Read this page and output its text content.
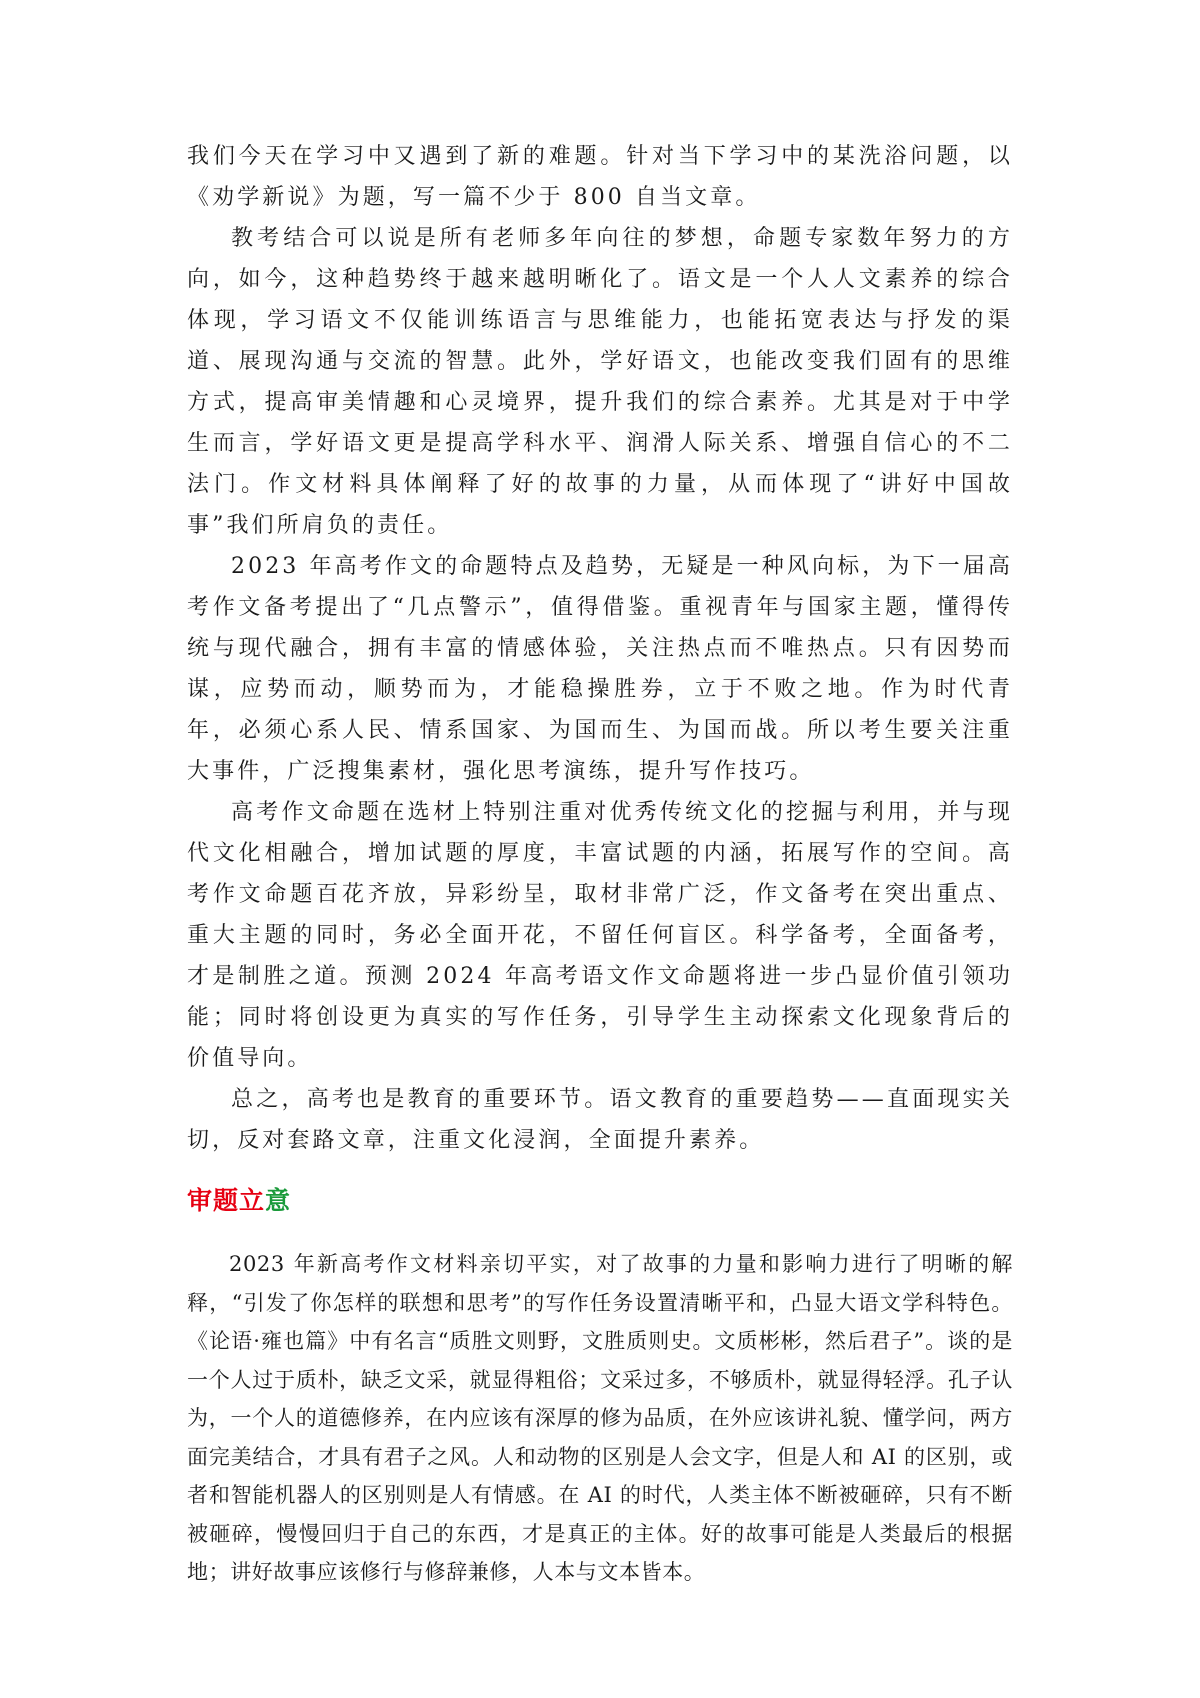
我们今天在学习中又遇到了新的难题。针对当下学习中的某洗浴问题，以《劝学新说》为题，写一篇不少于 800 自当文章。

教考结合可以说是所有老师多年向往的梦想，命题专家数年努力的方向，如今，这种趋势终于越来越明晰化了。语文是一个人人文素养的综合体现，学习语文不仅能训练语言与思维能力，也能拓宽表达与抒发的渠道、展现沟通与交流的智慧。此外，学好语文，也能改变我们固有的思维方式，提高审美情趣和心灵境界，提升我们的综合素养。尤其是对于中学生而言，学好语文更是提高学科水平、润滑人际关系、增强自信心的不二法门。作文材料具体阐释了好的故事的力量，从而体现了“讲好中国故事”我们所肩负的责任。

2023 年高考作文的命题特点及趋势，无疑是一种风向标，为下一届高考作文备考提出了“几点警示”，值得借鉴。重视青年与国家主题，懂得传统与现代融合，拥有丰富的情感体验，关注热点而不唯热点。只有因势而谋，应势而动，顺势而为，才能稳操胜券，立于不败之地。作为时代青年，必须心系人民、情系国家、为国而生、为国而战。所以考生要关注重大事件，广泛搜集素材，强化思考演练，提升写作技巧。

高考作文命题在选材上特别注重对优秀传统文化的挖掘与利用，并与现代文化相融合，增加试题的厚度，丰富试题的内涵，拓展写作的空间。高考作文命题百花齐放，异彩纷呈，取材非常广泛，作文备考在突出重点、重大主题的同时，务必全面开花，不留任何盲区。科学备考，全面备考，才是制胜之道。预测 2024 年高考语文作文命题将进一步凸显价值引领功能；同时将创设更为真实的写作任务，引导学生主动探索文化现象背后的价值导向。

总之，高考也是教育的重要环节。语文教育的重要趋势——直面现实关切，反对套路文章，注重文化浸润，全面提升素养。

审题立意

2023 年新高考作文材料亲切平实，对了故事的力量和影响力进行了明晰的解释，“引发了你怎样的联想和思考”的写作任务设置清晰平和，凸显大语文学科特色。《论语·雍也篇》中有名言“质胜文则野，文胜质则史。文质彬彬，然后君子”。谈的是一个人过于质朴，缺乏文采，就显得粗俗；文采过多，不够质朴，就显得轻浮。孔子认为，一个人的道德修养，在内应该有深厚的修为品质，在外应该讲礼貌、懂学问，两方面完美结合，才具有君子之风。人和动物的区别是人会文字，但是人和 AI 的区别，或者和智能机器人的区别则是人有情感。在 AI 的时代，人类主体不断被砸碎，只有不断被砸碎，慢慢回归于自己的东西，才是真正的主体。好的故事可能是人类最后的根据地；讲好故事应该修行与修辞兼修，人本与文本皆本。
